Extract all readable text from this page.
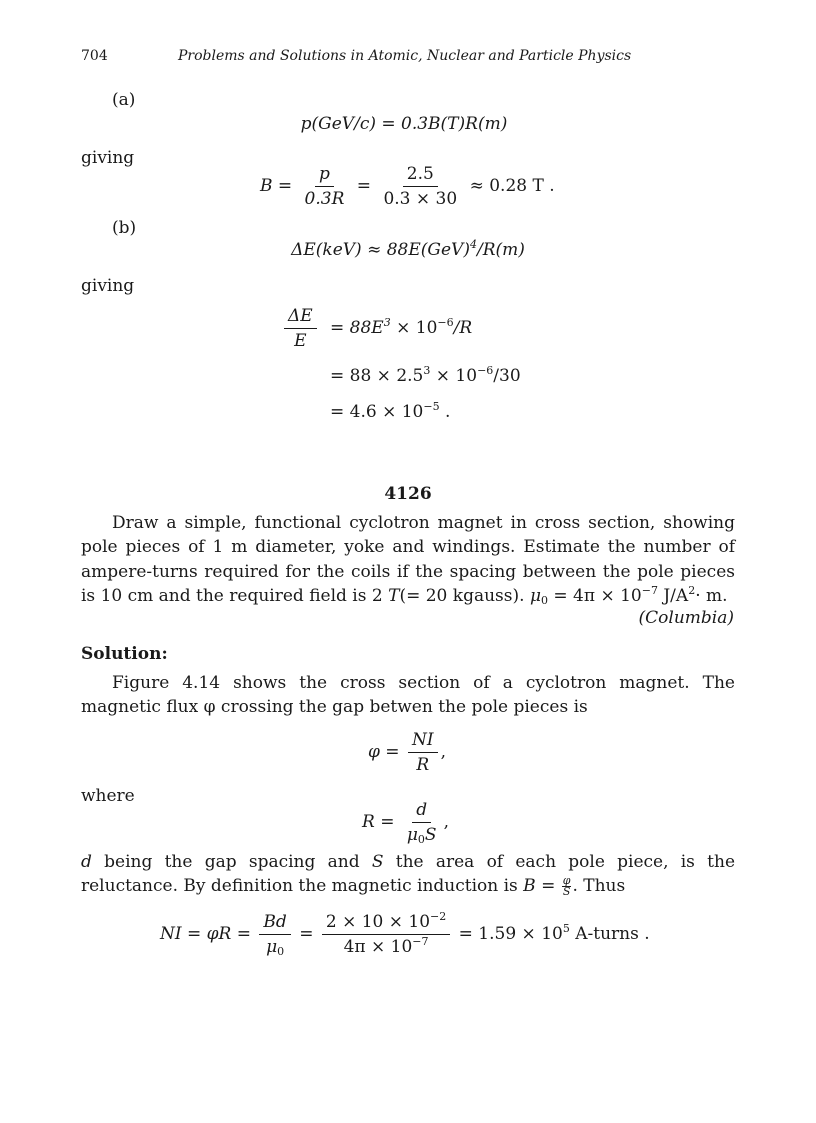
704	Problems and Solutions in Atomic, Nuclear and Particle Physics
(a)
p(GeV/c) = 0.3B(T)R(m)
giving
$B = \frac{p}{0.3R} = \frac{2.5}{0.3 \times 30} \approx 0.28$ T .
(b)
ΔE(keV) ≈ 88E(GeV)$^4$/R(m)
giving
$\frac{\Delta E}{E} = 88E^3 \times 10^{-6}/R$
= $88 \times 2.5^3 \times 10^{-6}/30$
= $4.6 \times 10^{-5}$ .
4126
Draw a simple, functional cyclotron magnet in cross section, showing pole pieces of 1 m diameter, yoke and windings. Estimate the number of ampere-turns required for the coils if the spacing between the pole pieces is 10 cm and the required field is 2 T(= 20 kgauss). $\mu_0 = 4\pi \times 10^{-7}$ $J/A^2\cdot m$.
(Columbia)
Solution:
Figure 4.14 shows the cross section of a cyclotron magnet. The magnetic flux φ crossing the gap betwen the pole pieces is
$\varphi = \frac{NI}{R}$ ,
where
$R = \frac{d}{\mu_0S}$ ,
d being the gap spacing and S the area of each pole piece, is the reluctance. By definition the magnetic induction is $B = \frac{\varphi}{S}$ . Thus
NI = $\varphi R = \frac{Bd}{\mu_0} = \frac{2 \times 10 \times 10^{-2}}{4\pi \times 10^{-7}} = 1.59 \times 10^5$ A-turns .
